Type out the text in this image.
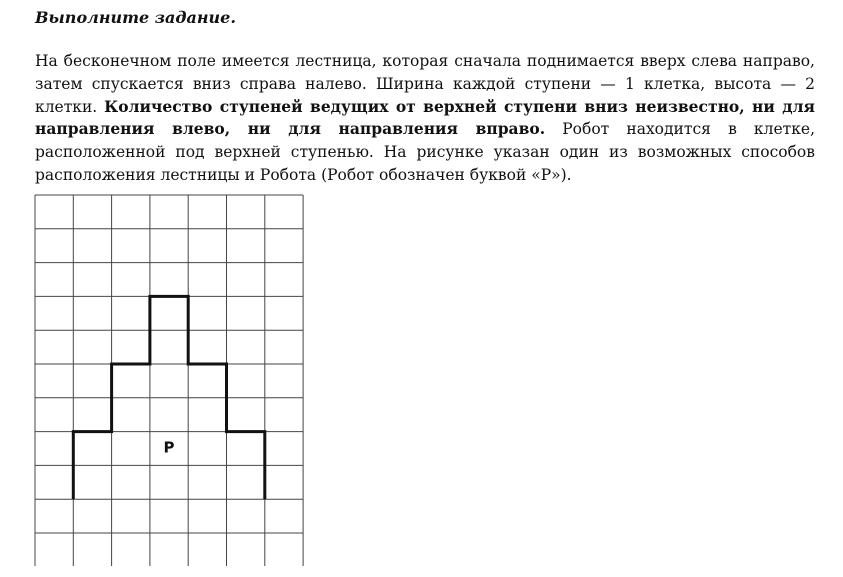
Выполните задание.

На бесконечном поле имеется лестница, которая сначала поднимается вверх слева направо, затем спускается вниз справа налево. Ширина каждой ступени — 1 клетка, высота — 2 клетки. Количество ступеней ведущих от верхней ступени вниз неизвестно, ни для направления влево, ни для направления вправо. Робот находится в клетке, расположенной под верхней ступенью. На рисунке указан один из возможных способов расположения лестницы и Робота (Робот обозначен буквой «Р»).

Р
